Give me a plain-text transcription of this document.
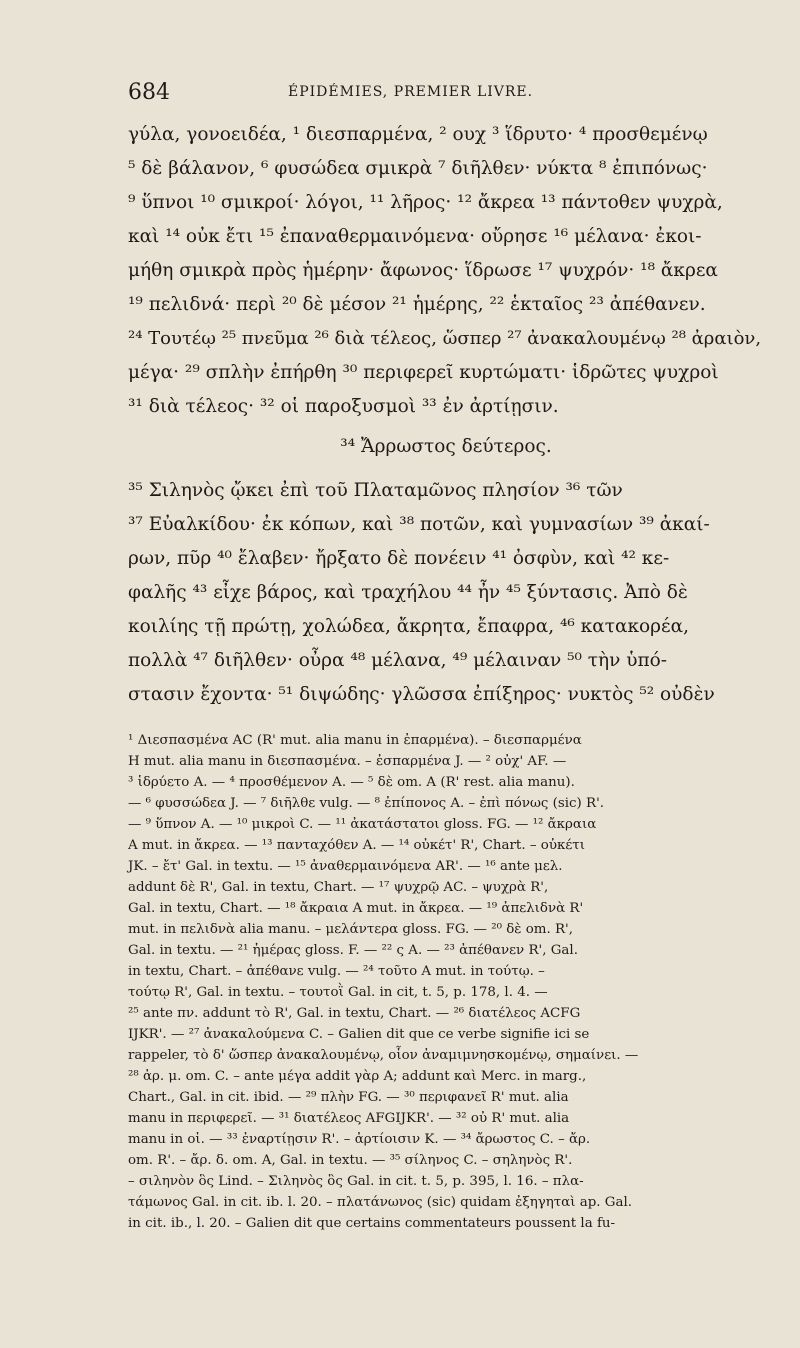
684	ÉPIDÉMIES, PREMIER LIVRE.
γύλα, γονοειδέα, ¹ διεσπαρμένα, ² ουχ ³ ἵδρυτο· ⁴ προσθεμένῳ
⁵ δὲ βάλανον, ⁶ φυσώδεα σμικρὰ ⁷ διῆλθεν· νύκτα ⁸ ἐπιπόνως·
⁹ ὕπνοι ¹⁰ σμικροί· λόγοι, ¹¹ λῆρος· ¹² ἄκρεα ¹³ πάντοθεν ψυχρὰ,
καὶ ¹⁴ οὐκ ἔτι ¹⁵ ἐπαναθερμαινόμενα· οὔρησε ¹⁶ μέλανα· ἐκοι-
μήθη σμικρὰ πρὸς ἡμέρην· ἄφωνος· ἵδρωσε ¹⁷ ψυχρόν· ¹⁸ ἄκρεα
¹⁹ πελιδνά· περὶ ²⁰ δὲ μέσον ²¹ ἡμέρης, ²² ἑκταῖος ²³ ἀπέθανεν.
²⁴ Τουτέῳ ²⁵ πνεῦμα ²⁶ διὰ τέλεος, ὥσπερ ²⁷ ἀνακαλουμένῳ ²⁸ ἀραιὸν,
μέγα· ²⁹ σπλὴν ἐπήρθη ³⁰ περιφερεῖ κυρτώματι· ἱδρῶτες ψυχροὶ
³¹ διὰ τέλεος· ³² οἱ παροξυσμοὶ ³³ ἐν ἀρτίῃσιν.
³⁴ Ἄρρωστος δεύτερος.
³⁵ Σιληνὸς ᾤκει ἐπὶ τοῦ Πλαταμῶνος πλησίον ³⁶ τῶν
³⁷ Εὐαλκίδου· ἐκ κόπων, καὶ ³⁸ ποτῶν, καὶ γυμνασίων ³⁹ ἀκαί-
ρων, πῦρ ⁴⁰ ἔλαβεν· ἤρξατο δὲ πονέειν ⁴¹ ὀσφὺν, καὶ ⁴² κε-
φαλῆς ⁴³ εἶχε βάρος, καὶ τραχήλου ⁴⁴ ἦν ⁴⁵ ξύντασις. Ἀπὸ δὲ
κοιλίης τῇ πρώτῃ, χολώδεα, ἄκρητα, ἔπαφρα, ⁴⁶ κατακορέα,
πολλὰ ⁴⁷ διῆλθεν· οὖρα ⁴⁸ μέλανα, ⁴⁹ μέλαιναν ⁵⁰ τὴν ὑπό-
στασιν ἔχοντα· ⁵¹ διψώδης· γλῶσσα ἐπίξηρος· νυκτὸς ⁵² οὐδὲν
¹ Διεσπασμένα AC (R' mut. alia manu in ἐπαρμένα). – διεσπαρμένα
H mut. alia manu in διεσπασμένα. – ἐσπαρμένα J. — ² οὐχ' AF. —
³ ἱδρύετο A. — ⁴ προσθέμενον A. — ⁵ δὲ om. A (R' rest. alia manu).
— ⁶ φυσσώδεα J. — ⁷ διῆλθε vulg. — ⁸ ἐπίπονος A. – ἐπὶ πόνως (sic) R'.
— ⁹ ὕπνον A. — ¹⁰ μικροὶ C. — ¹¹ ἀκατάστατοι gloss. FG. — ¹² ἄκραια
A mut. in ἄκρεα. — ¹³ πανταχόθεν A. — ¹⁴ οὐκέτ' R', Chart. – οὐκέτι
JK. – ἔτ' Gal. in textu. — ¹⁵ ἀναθερμαινόμενα AR'. — ¹⁶ ante μελ.
addunt δὲ R', Gal. in textu, Chart. — ¹⁷ ψυχρῷ AC. – ψυχρὰ R',
Gal. in textu, Chart. — ¹⁸ ἄκραια A mut. in ἄκρεα. — ¹⁹ ἀπελιδνὰ R'
mut. in πελιδνὰ alia manu. – μελάντερα gloss. FG. — ²⁰ δὲ om. R',
Gal. in textu. — ²¹ ἡμέρας gloss. F. — ²² ς A. — ²³ ἀπέθανεν R', Gal.
in textu, Chart. – ἀπέθανε vulg. — ²⁴ τοῦτο A mut. in τούτῳ. –
τούτῳ R', Gal. in textu. – τουτοῒ Gal. in cit, t. 5, p. 178, l. 4. —
²⁵ ante πν. addunt τὸ R', Gal. in textu, Chart. — ²⁶ διατέλεος ACFG
IJKR'. — ²⁷ ἀνακαλούμενα C. – Galien dit que ce verbe signifie ici se
rappeler, τὸ δ' ὥσπερ ἀνακαλουμένῳ, οἷον ἀναμιμνησκομένῳ, σημαίνει. —
²⁸ ἀρ. μ. om. C. – ante μέγα addit γὰρ A; addunt καὶ Merc. in marg.,
Chart., Gal. in cit. ibid. — ²⁹ πλὴν FG. — ³⁰ περιφανεῖ R' mut. alia
manu in περιφερεῖ. — ³¹ διατέλεος AFGIJKR'. — ³² οὐ R' mut. alia
manu in οἱ. — ³³ ἐναρτίῃσιν R'. – ἀρτίοισιν K. — ³⁴ ἄρωστος C. – ἄρ.
om. R'. – ἄρ. δ. om. A, Gal. in textu. — ³⁵ σίληνος C. – σηληνὸς R'.
– σιληνὸν ὃς Lind. – Σιληνὸς ὃς Gal. in cit. t. 5, p. 395, l. 16. – πλα-
τάμωνος Gal. in cit. ib. l. 20. – πλατάνωνος (sic) quidam ἐξηγηταὶ ap. Gal.
in cit. ib., l. 20. – Galien dit que certains commentateurs poussent la fu-
